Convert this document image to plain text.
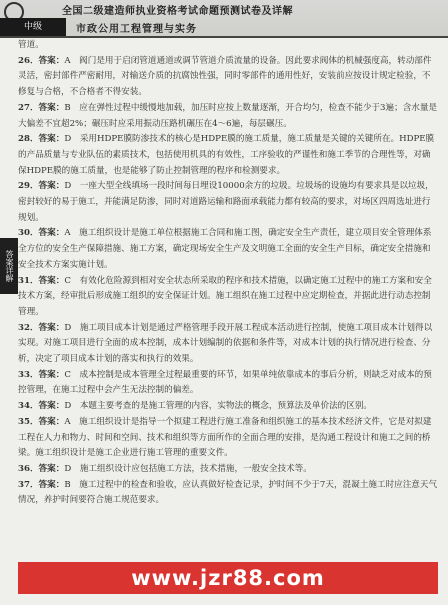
全国二级建造师执业资格考试命题预测试卷及详解
中级	市政公用工程管理与实务
答案详解

管道。

26．答案：A　阀门是用于启闭管道通道或调节管道介质流量的设备。因此要求阀体的机械强度高，转动部件灵活，密封部件严密耐用，对输送介质的抗腐蚀性强，同时零部件的通用性好，安装前应按设计规定检验，不修复与合格，不合格者不得安装。

27．答案：B　应在弹性过程中缓慢地加载，加压时应按上数量逐渐，开合均匀，检查不能少于3遍；含水量是大偏差不宜超2%；碾压时应采用振动压路机碾压在4～6遍，每层碾压。

28．答案：D　采用HDPE膜防渗技术的核心是HDPE膜的施工质量，施工质量是关键的关键所在。HDPE膜的产品质量与专业队伍的素质技术，包括使用机具的有效性，工序验收的严谨性和施工季节的合理性等，对确保HDPE膜的施工质量，也是能够了防止控制管理的程序和检测要求。

29．答案：D　一座大型全线填场一段时间每日埋设10000余方的垃圾。垃圾场的设施均有要求具是以垃圾，密封较好的易于施工，并能满足防渗，同时对道路运输和路面承载能力都有较高的要求，对场区四周选址进行规划。

30．答案：A　施工组织设计是施工单位根据施工合同和施工图，确定安全生产责任，建立项目安全管理体系全方位的安全生产保障措施、施工方案，确定现场安全生产及文明施工全面的安全生产目标，确定安全措施和安全技术方案实施计划。

31．答案：C　有效化危险源到相对安全状态所采取的程序和技术措施，以确定施工过程中的施工方案和安全技术方案，经审批后形成施工组织的安全保证计划。施工组织在施工过程中应定期检查，并据此进行动态控制管理。

32．答案：D　施工项目成本计划是通过严格管理手段开展工程成本活动进行控制，使施工项目成本计划得以实现。对施工项目进行全面的成本控制，成本计划编制的依据和条件等，对成本计划的执行情况进行检查、分析，决定了项目成本计划的落实和执行的效果。

33．答案：C　成本控制是成本管理全过程最重要的环节，如果单纯依靠成本的事后分析，则缺乏对成本的预控管理，在施工过程中会产生无法控制的偏差。

34．答案：D　本题主要考查的是施工管理的内容，实物法的概念，预算法及单价法的区别。

35．答案：A　施工组织设计是指导一个拟建工程进行施工准备和组织施工的基本技术经济文件，它是对拟建工程在人力和物力、时间和空间、技术和组织等方面所作的全面合理的安排，是沟通工程设计和施工之间的桥梁。施工组织设计是施工企业进行施工管理的重要文件。

36．答案：D　施工组织设计应包括施工方法，技术措施，一般安全技术等。

37．答案：B　施工过程中的检查和验收，应认真做好检查记录，护时间不少于7天，混凝土施工时应注意天气情况，养护时间要符合施工规范要求。

www.jzr88.com
